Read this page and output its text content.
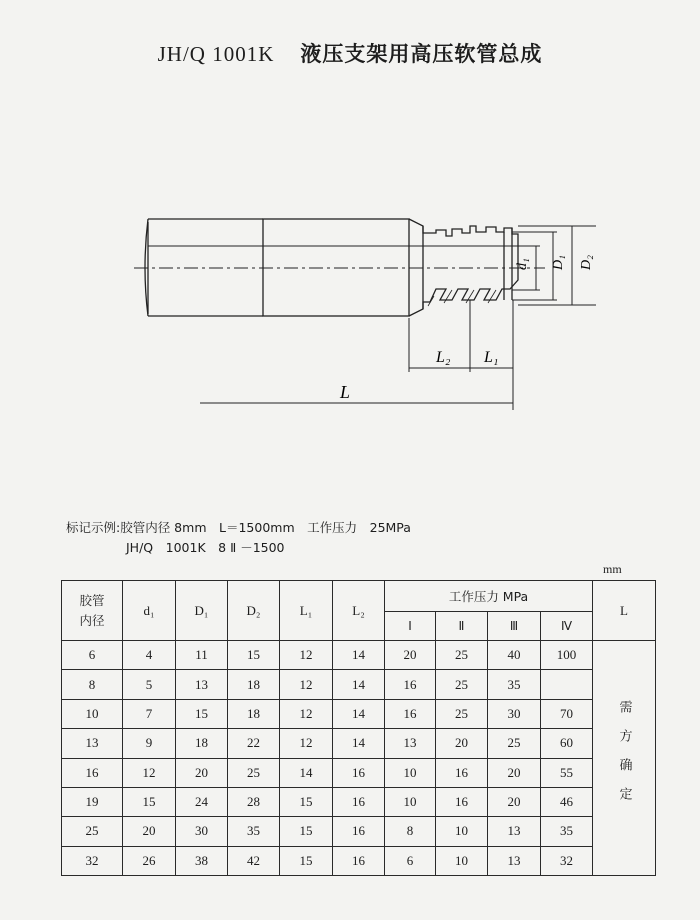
JH/Q 1001K 液压支架用高压软管总成
d₁ D₁ D₂
L₂ L₁
L
标记示例:胶管内径 8mm　L＝1500mm　工作压力　25MPa
JH/Q　1001K　8 Ⅱ －1500
mm
胶管
内径	d₁	D₁	D₂	L₁	L₂	工作压力 MPa				L
						Ⅰ	Ⅱ	Ⅲ	Ⅳ	
6	4	11	15	12	14	20	25	40	100	需方确定
8	5	13	18	12	14	16	25	35		
10	7	15	18	12	14	16	25	30	70	
13	9	18	22	12	14	13	20	25	60	
16	12	20	25	14	16	10	16	20	55	
19	15	24	28	15	16	10	16	20	46	
25	20	30	35	15	16	8	10	13	35	
32	26	38	42	15	16	6	10	13	32	
